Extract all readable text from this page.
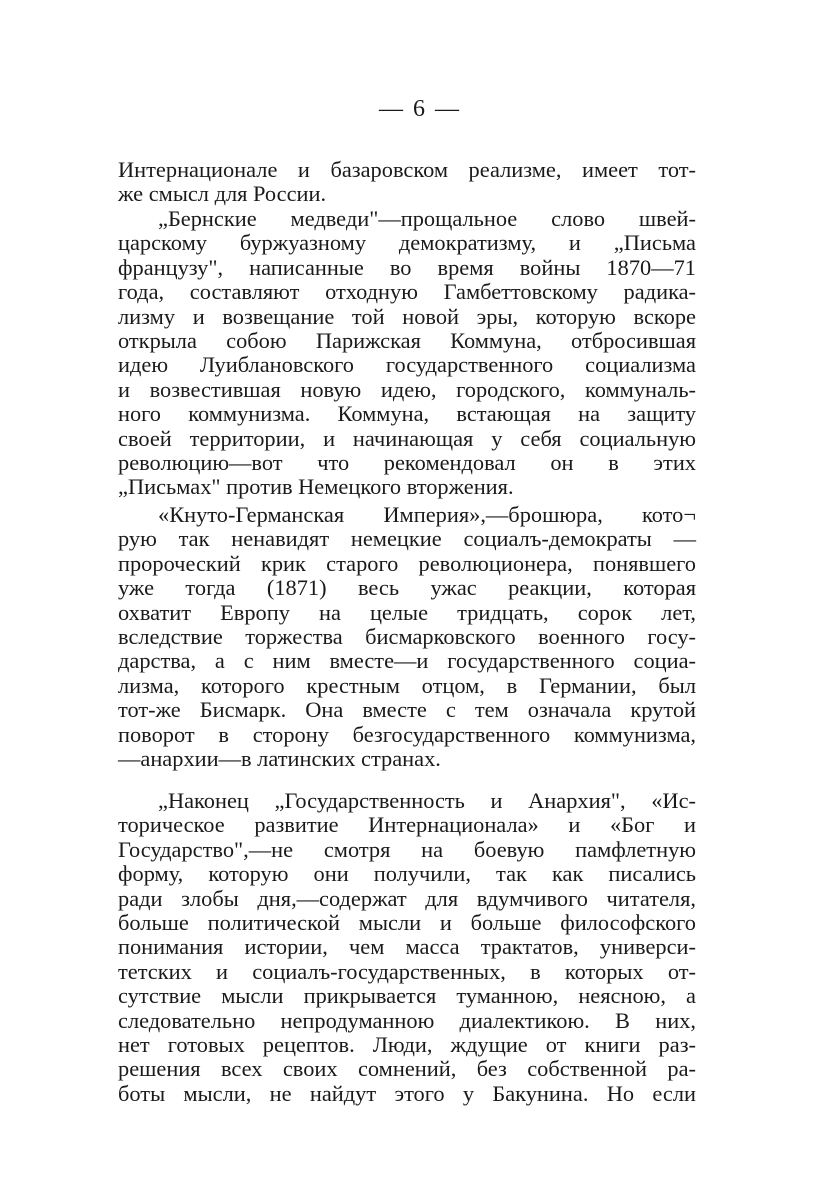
— 6 —
Интернационале и базаровском реализме, имеет тот-
же смысл для России.
„Бернские медведи"—прощальное слово швей-
царскому буржуазному демократизму, и „Письма
французу", написанные во время войны 1870—71
года, составляют отходную Гамбеттовскому радика-
лизму и возвещание той новой эры, которую вскоре
открыла собою Парижская Коммуна, отбросившая
идею Луиблановского государственного социализма
и возвестившая новую идею, городского, коммуналь-
ного коммунизма. Коммуна, встающая на защиту
своей территории, и начинающая у себя социальную
революцию—вот что рекомендовал он в этих
„Письмах" против Немецкого вторжения.
«Кнуто-Германская Империя»,—брошюра, кото¬
рую так ненавидят немецкие социалъ-демократы —
пророческий крик старого революционера, понявшего
уже тогда (1871) весь ужас реакции, которая
охватит Европу на целые тридцать, сорок лет,
вследствие торжества бисмарковского военного госу-
дарства, а с ним вместе—и государственного социа-
лизма, которого крестным отцом, в Германии, был
тот-же Бисмарк. Она вместе с тем означала крутой
поворот в сторону безгосударственного коммунизма,
—анархии—в латинских странах.
„Наконец „Государственность и Анархия", «Ис-
торическое развитие Интернационала» и «Бог и
Государство",—не смотря на боевую памфлетную
форму, которую они получили, так как писались
ради злобы дня,—содержат для вдумчивого читателя,
больше политической мысли и больше философского
понимания истории, чем масса трактатов, универси-
тетских и социалъ-государственных, в которых от-
сутствие мысли прикрывается туманною, неясною, а
следовательно непродуманною диалектикою. В них,
нет готовых рецептов. Люди, ждущие от книги раз-
решения всех своих сомнений, без собственной ра-
боты мысли, не найдут этого у Бакунина. Но если
